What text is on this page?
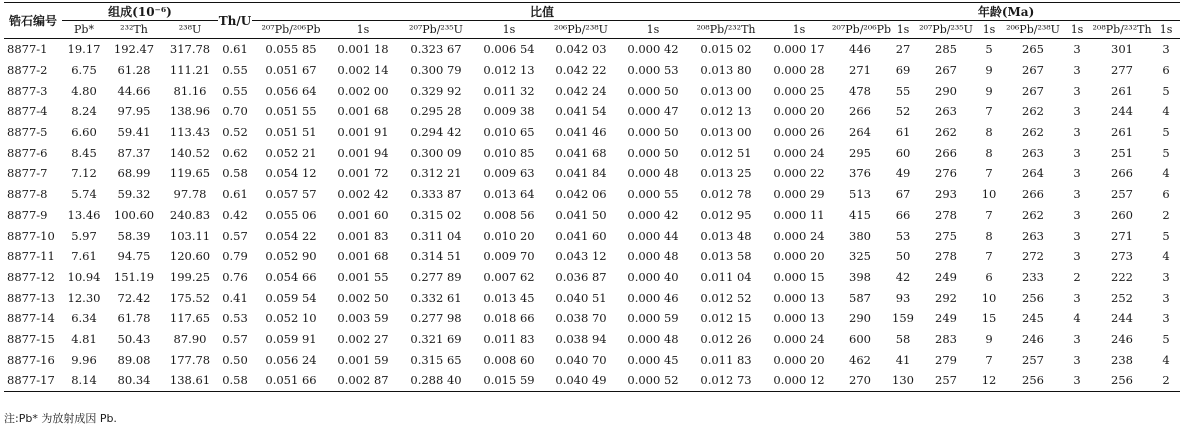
锆石编号	组成(10⁻⁶)			Th/U	比值								年龄(Ma)							
	Pb*	²³²Th	²³⁸U		²⁰⁷Pb/²⁰⁶Pb	1s	²⁰⁷Pb/²³⁵U	1s	²⁰⁶Pb/²³⁸U	1s	²⁰⁸Pb/²³²Th	1s	²⁰⁷Pb/²⁰⁶Pb	1s	²⁰⁷Pb/²³⁵U	1s	²⁰⁶Pb/²³⁸U	1s	²⁰⁸Pb/²³²Th	1s
8877-1	19.17	192.47	317.78	0.61	0.055 85	0.001 18	0.323 67	0.006 54	0.042 03	0.000 42	0.015 02	0.000 17	446	27	285	5	265	3	301	3
8877-2	6.75	61.28	111.21	0.55	0.051 67	0.002 14	0.300 79	0.012 13	0.042 22	0.000 53	0.013 80	0.000 28	271	69	267	9	267	3	277	6
8877-3	4.80	44.66	81.16	0.55	0.056 64	0.002 00	0.329 92	0.011 32	0.042 24	0.000 50	0.013 00	0.000 25	478	55	290	9	267	3	261	5
8877-4	8.24	97.95	138.96	0.70	0.051 55	0.001 68	0.295 28	0.009 38	0.041 54	0.000 47	0.012 13	0.000 20	266	52	263	7	262	3	244	4
8877-5	6.60	59.41	113.43	0.52	0.051 51	0.001 91	0.294 42	0.010 65	0.041 46	0.000 50	0.013 00	0.000 26	264	61	262	8	262	3	261	5
8877-6	8.45	87.37	140.52	0.62	0.052 21	0.001 94	0.300 09	0.010 85	0.041 68	0.000 50	0.012 51	0.000 24	295	60	266	8	263	3	251	5
8877-7	7.12	68.99	119.65	0.58	0.054 12	0.001 72	0.312 21	0.009 63	0.041 84	0.000 48	0.013 25	0.000 22	376	49	276	7	264	3	266	4
8877-8	5.74	59.32	97.78	0.61	0.057 57	0.002 42	0.333 87	0.013 64	0.042 06	0.000 55	0.012 78	0.000 29	513	67	293	10	266	3	257	6
8877-9	13.46	100.60	240.83	0.42	0.055 06	0.001 60	0.315 02	0.008 56	0.041 50	0.000 42	0.012 95	0.000 11	415	66	278	7	262	3	260	2
8877-10	5.97	58.39	103.11	0.57	0.054 22	0.001 83	0.311 04	0.010 20	0.041 60	0.000 44	0.013 48	0.000 24	380	53	275	8	263	3	271	5
8877-11	7.61	94.75	120.60	0.79	0.052 90	0.001 68	0.314 51	0.009 70	0.043 12	0.000 48	0.013 58	0.000 20	325	50	278	7	272	3	273	4
8877-12	10.94	151.19	199.25	0.76	0.054 66	0.001 55	0.277 89	0.007 62	0.036 87	0.000 40	0.011 04	0.000 15	398	42	249	6	233	2	222	3
8877-13	12.30	72.42	175.52	0.41	0.059 54	0.002 50	0.332 61	0.013 45	0.040 51	0.000 46	0.012 52	0.000 13	587	93	292	10	256	3	252	3
8877-14	6.34	61.78	117.65	0.53	0.052 10	0.003 59	0.277 98	0.018 66	0.038 70	0.000 59	0.012 15	0.000 13	290	159	249	15	245	4	244	3
8877-15	4.81	50.43	87.90	0.57	0.059 91	0.002 27	0.321 69	0.011 83	0.038 94	0.000 48	0.012 26	0.000 24	600	58	283	9	246	3	246	5
8877-16	9.96	89.08	177.78	0.50	0.056 24	0.001 59	0.315 65	0.008 60	0.040 70	0.000 45	0.011 83	0.000 20	462	41	279	7	257	3	238	4
8877-17	8.14	80.34	138.61	0.58	0.051 66	0.002 87	0.288 40	0.015 59	0.040 49	0.000 52	0.012 73	0.000 12	270	130	257	12	256	3	256	2
注:Pb* 为放射成因 Pb.
